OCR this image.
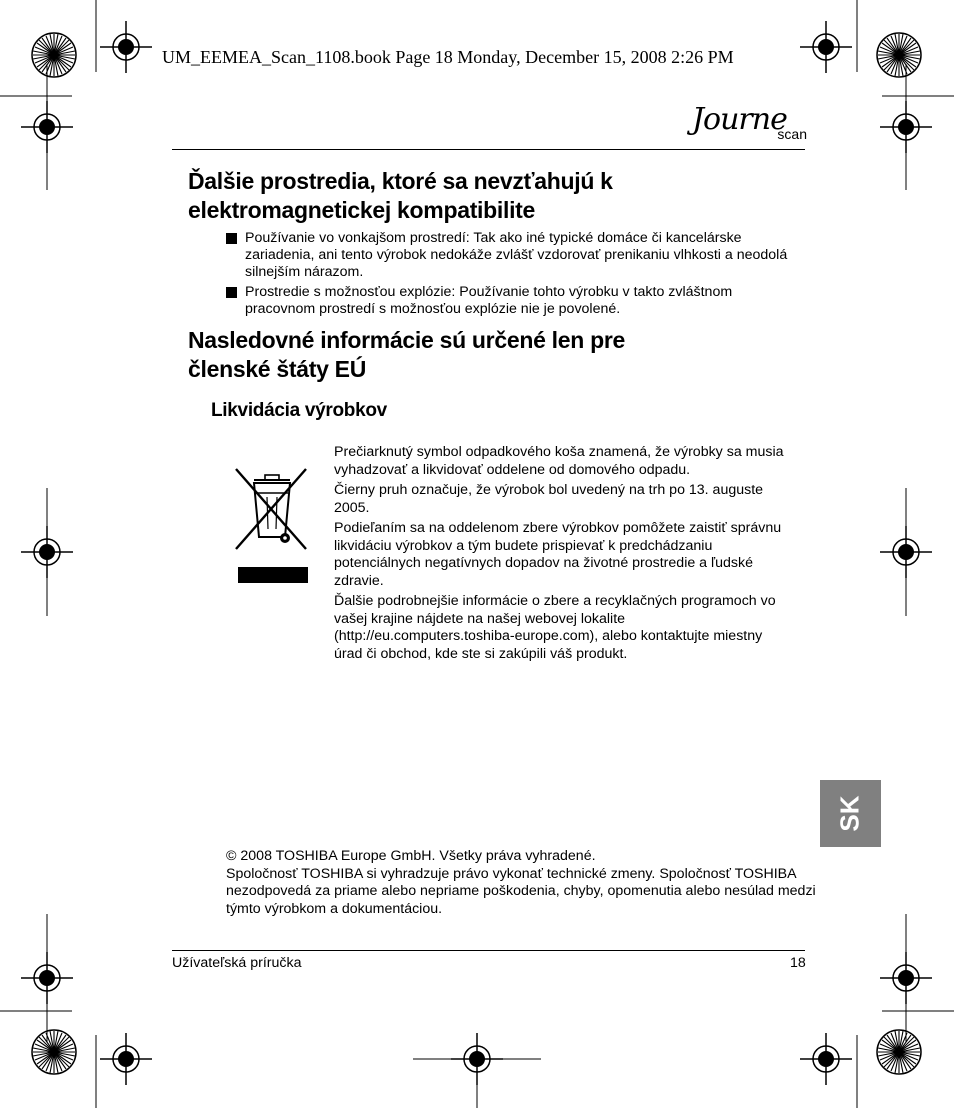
UM_EEMEA_Scan_1108.book Page 18 Monday, December 15, 2008 2:26 PM
Journe
scan
Ďalšie prostredia, ktoré sa nevzťahujú k
elektromagnetickej kompatibilite
Používanie vo vonkajšom prostredí: Tak ako iné typické domáce či kancelárske zariadenia, ani tento výrobok nedokáže zvlášť vzdorovať prenikaniu vlhkosti a neodolá silnejším nárazom.
Prostredie s možnosťou explózie: Používanie tohto výrobku v takto zvláštnom pracovnom prostredí s možnosťou explózie nie je povolené.
Nasledovné informácie sú určené len pre
členské štáty EÚ
Likvidácia výrobkov

Prečiarknutý symbol odpadkového koša znamená, že výrobky sa musia vyhadzovať a likvidovať oddelene od domového odpadu.

Čierny pruh označuje, že výrobok bol uvedený na trh po 13. auguste 2005.

Podieľaním sa na oddelenom zbere výrobkov pomôžete zaistiť správnu likvidáciu výrobkov a tým budete prispievať k predchádzaniu potenciálnych negatívnych dopadov na životné prostredie a ľudské zdravie.

Ďalšie podrobnejšie informácie o zbere a recyklačných programoch vo vašej krajine nájdete na našej webovej lokalite (http://eu.computers.toshiba-europe.com), alebo kontaktujte miestny úrad či obchod, kde ste si zakúpili váš produkt.

SK
© 2008 TOSHIBA Europe GmbH. Všetky práva vyhradené.
Spoločnosť TOSHIBA si vyhradzuje právo vykonať technické zmeny. Spoločnosť TOSHIBA nezodpovedá za priame alebo nepriame poškodenia, chyby, opomenutia alebo nesúlad medzi týmto výrobkom a dokumentáciou.
Užívateľská príručka	18
